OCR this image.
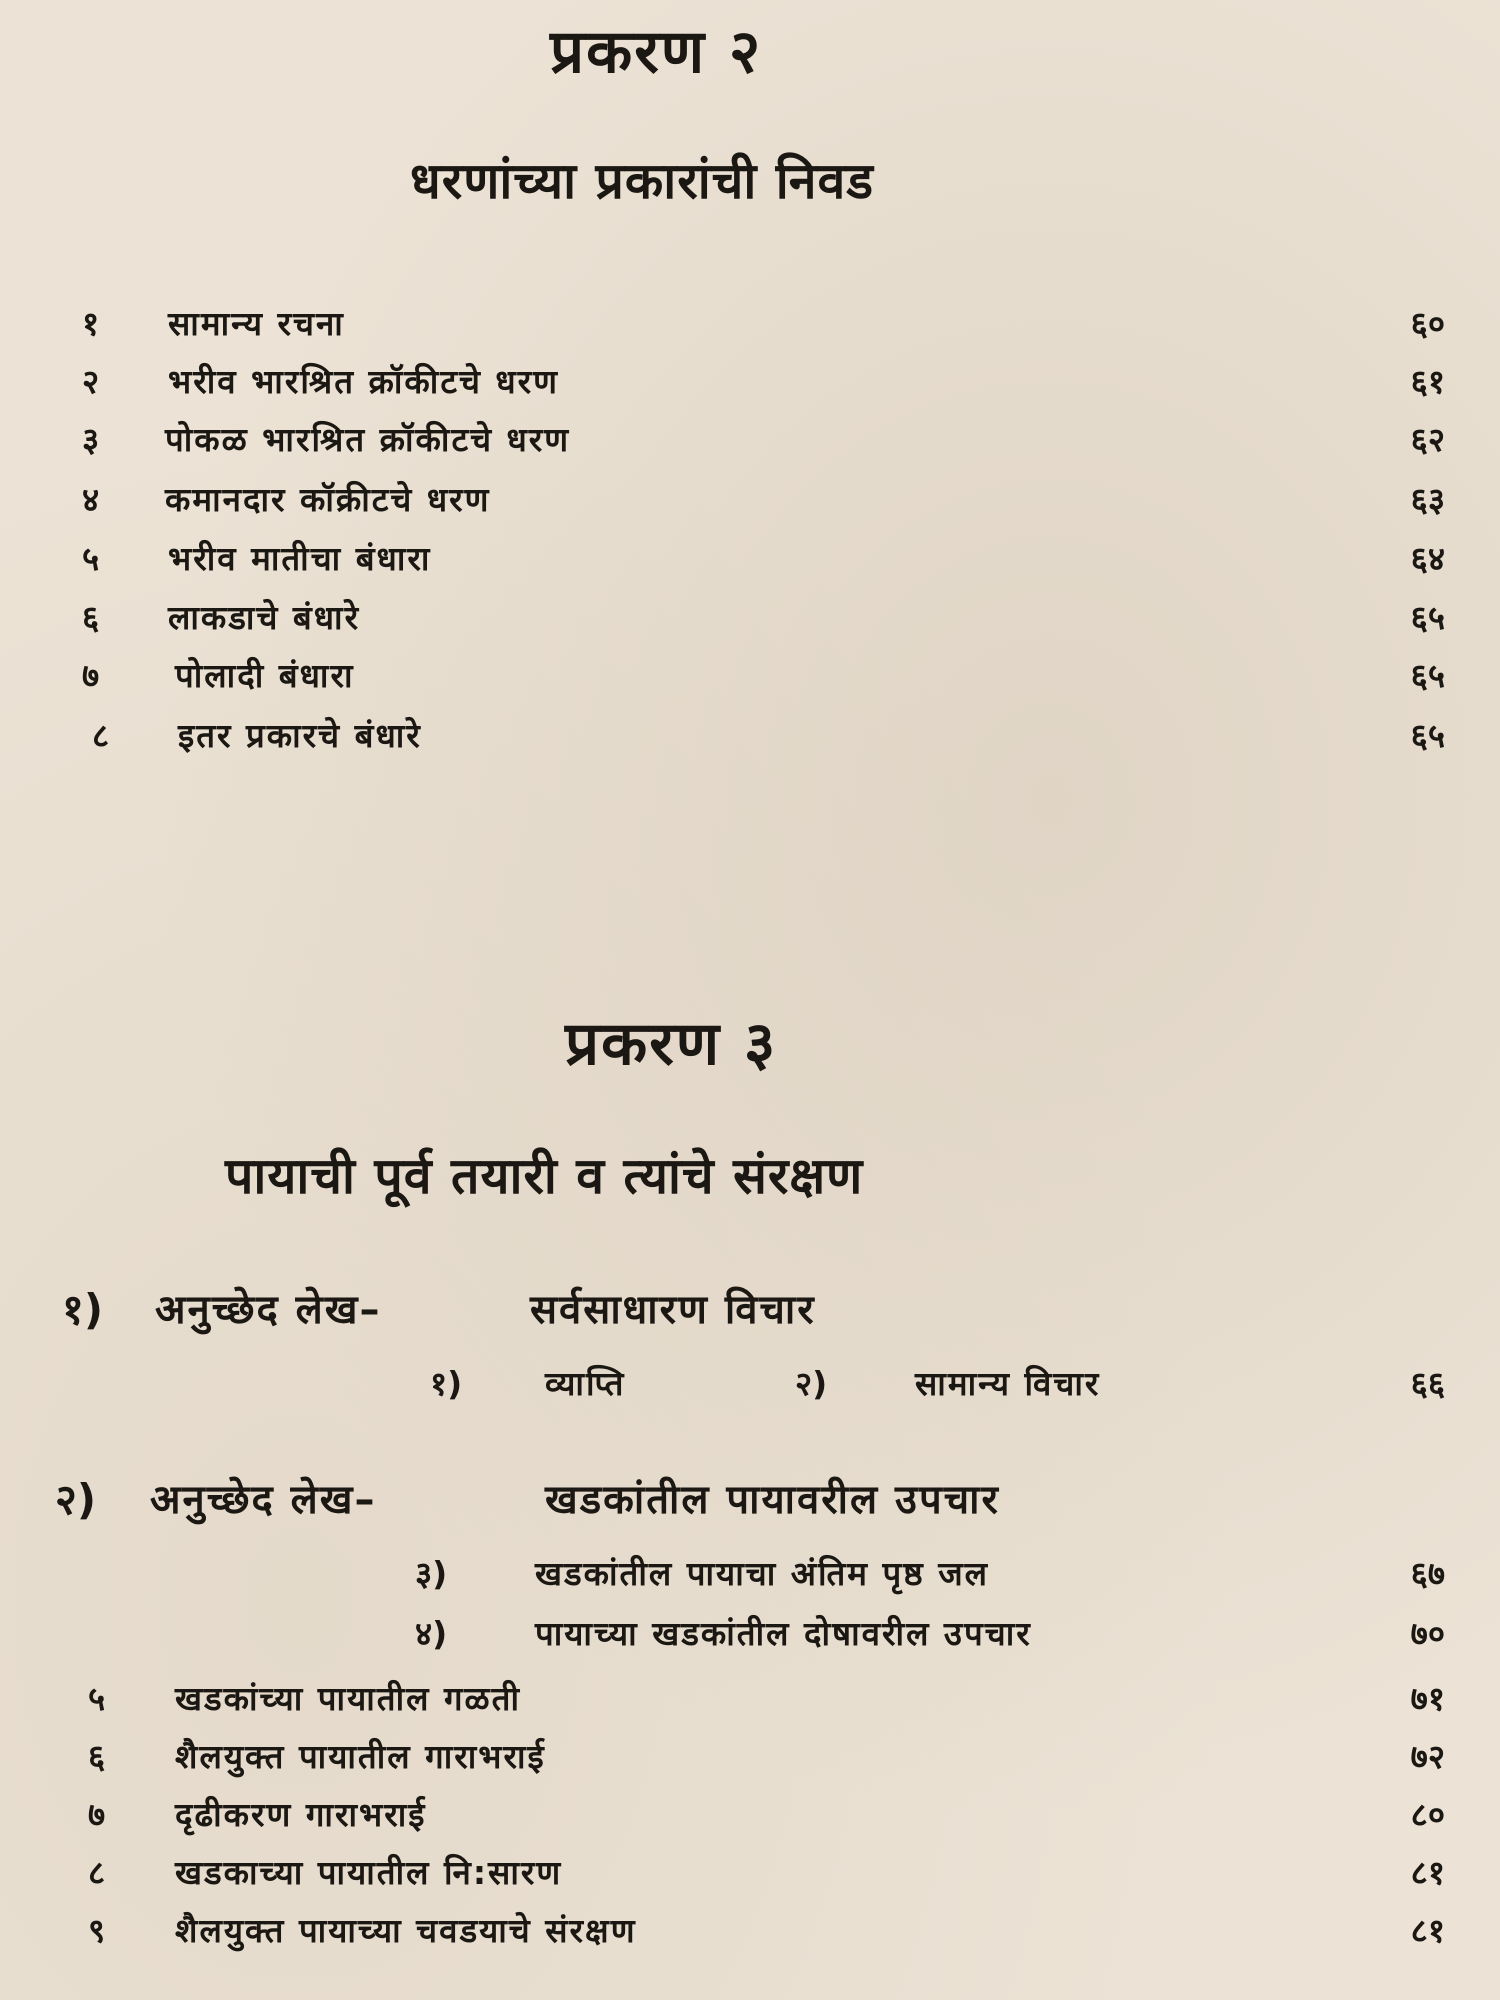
प्रकरण २
धरणांच्या प्रकारांची निवड
१ सामान्य रचना	६०
२ भरीव भारश्रित क्रॉकीटचे धरण	६१
३ पोकळ भारश्रित क्रॉकीटचे धरण	६२
४ कमानदार कॉक्रीटचे धरण	६३
५ भरीव मातीचा बंधारा	६४
६ लाकडाचे बंधारे	६५
७ पोलादी बंधारा	६५
८ इतर प्रकारचे बंधारे	६५
प्रकरण ३
पायाची पूर्व तयारी व त्यांचे संरक्षण
१) अनुच्छेद लेख–	सर्वसाधारण विचार
१)	व्याप्ति	२)	सामान्य विचार	६६
२) अनुच्छेद लेख–	खडकांतील पायावरील उपचार
३)	खडकांतील पायाचा अंतिम पृष्ठ जल	६७
४)	पायाच्या खडकांतील दोषावरील उपचार	७०
५ खडकांच्या पायातील गळती	७१
६ शैलयुक्त पायातील गाराभराई	७२
७ दृढीकरण गाराभराई	८०
८ खडकाच्या पायातील नि:सारण	८१
९ शैलयुक्त पायाच्या चवडयाचे संरक्षण	८१
